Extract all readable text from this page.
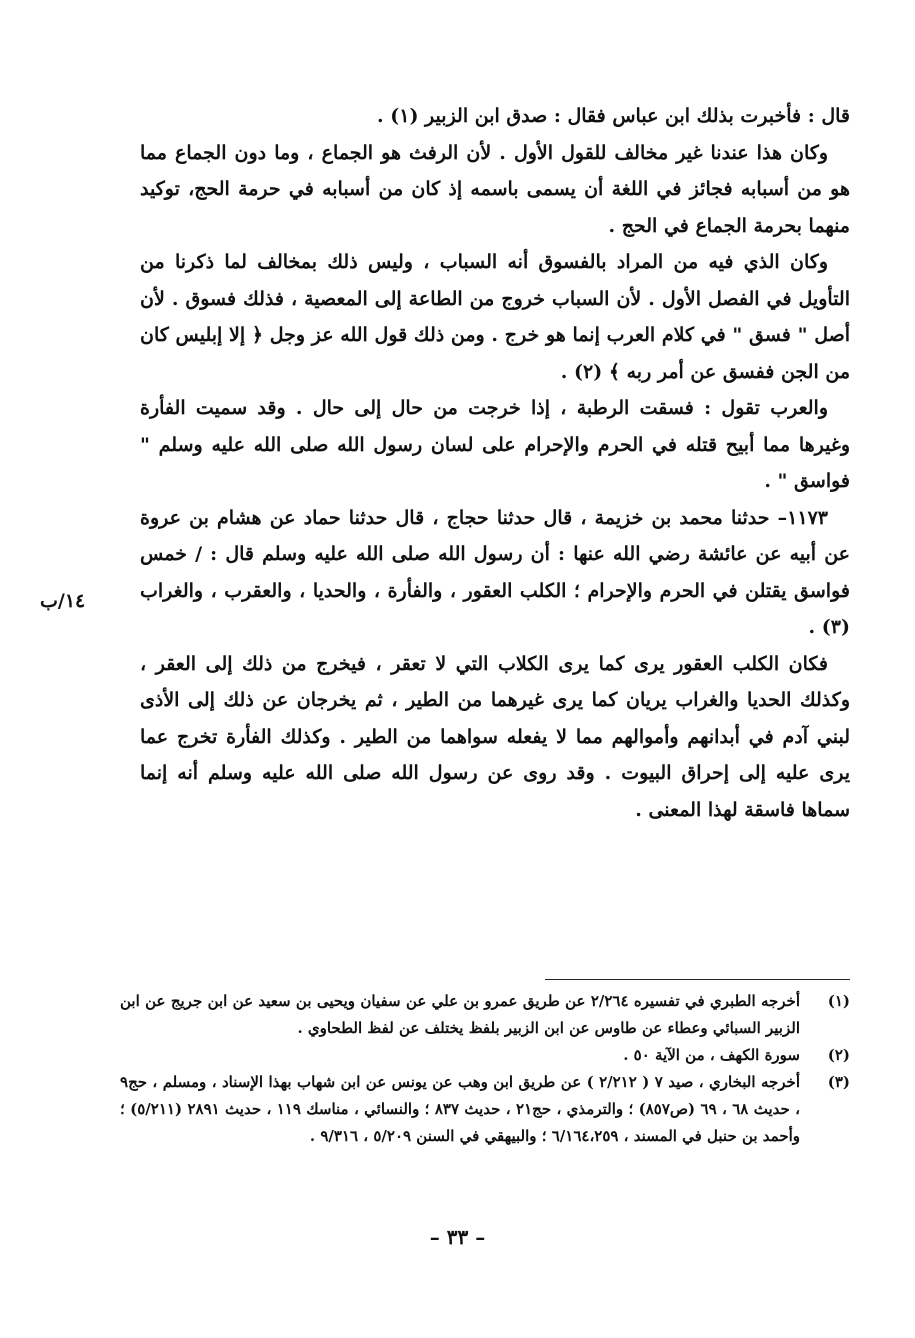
قال : فأخبرت بذلك ابن عباس فقال : صدق ابن الزبير (١) .

وكان هذا عندنا غير مخالف للقول الأول . لأن الرفث هو الجماع ، وما دون الجماع مما هو من أسبابه فجائز في اللغة أن يسمى باسمه إذ كان من أسبابه في حرمة الحج، توكيد منهما بحرمة الجماع في الحج .

وكان الذي فيه من المراد بالفسوق أنه السباب ، وليس ذلك بمخالف لما ذكرنا من التأويل في الفصل الأول . لأن السباب خروج من الطاعة إلى المعصية ، فذلك فسوق . لأن أصل " فسق " في كلام العرب إنما هو خرج . ومن ذلك قول الله عز وجل ﴿ إلا إبليس كان من الجن ففسق عن أمر ربه ﴾ (٢) .

والعرب تقول : فسقت الرطبة ، إذا خرجت من حال إلى حال . وقد سميت الفأرة وغيرها مما أبيح قتله في الحرم والإحرام على لسان رسول الله صلى الله عليه وسلم " فواسق " .

١١٧٣– حدثنا محمد بن خزيمة ، قال حدثنا حجاج ، قال حدثنا حماد عن هشام بن عروة عن أبيه عن عائشة رضي الله عنها : أن رسول الله صلى الله عليه وسلم قال : / خمس فواسق يقتلن في الحرم والإحرام ؛ الكلب العقور ، والفأرة ، والحديا ، والعقرب ، والغراب (٣) .

فكان الكلب العقور يرى كما يرى الكلاب التي لا تعقر ، فيخرج من ذلك إلى العقر ، وكذلك الحديا والغراب يريان كما يرى غيرهما من الطير ، ثم يخرجان عن ذلك إلى الأذى لبني آدم في أبدانهم وأموالهم مما لا يفعله سواهما من الطير . وكذلك الفأرة تخرج عما يرى عليه إلى إحراق البيوت . وقد روى عن رسول الله صلى الله عليه وسلم أنه إنما سماها فاسقة لهذا المعنى .

١٤/ب
(١)
أخرجه الطبري في تفسيره ٢/٢٦٤ عن طريق عمرو بن علي عن سفيان ويحيى بن سعيد عن ابن جريج عن ابن الزبير السبائي وعطاء عن طاوس عن ابن الزبير بلفظ يختلف عن لفظ الطحاوي .
(٢)
سورة الكهف ، من الآية ٥٠ .
(٣)
أخرجه البخاري ، صيد ٧ ( ٢/٢١٢ ) عن طريق ابن وهب عن يونس عن ابن شهاب بهذا الإسناد ، ومسلم ، حج٩ ، حديث ٦٨ ، ٦٩ (ص٨٥٧) ؛ والترمذي ، حج٢١ ، حديث ٨٣٧ ؛ والنسائي ، مناسك ١١٩ ، حديث ٢٨٩١ (٥/٢١١) ؛ وأحمد بن حنبل في المسند ، ٦/١٦٤،٢٥٩ ؛ والبيهقي في السنن ٥/٢٠٩ ، ٩/٣١٦ .
– ٣٣ –
